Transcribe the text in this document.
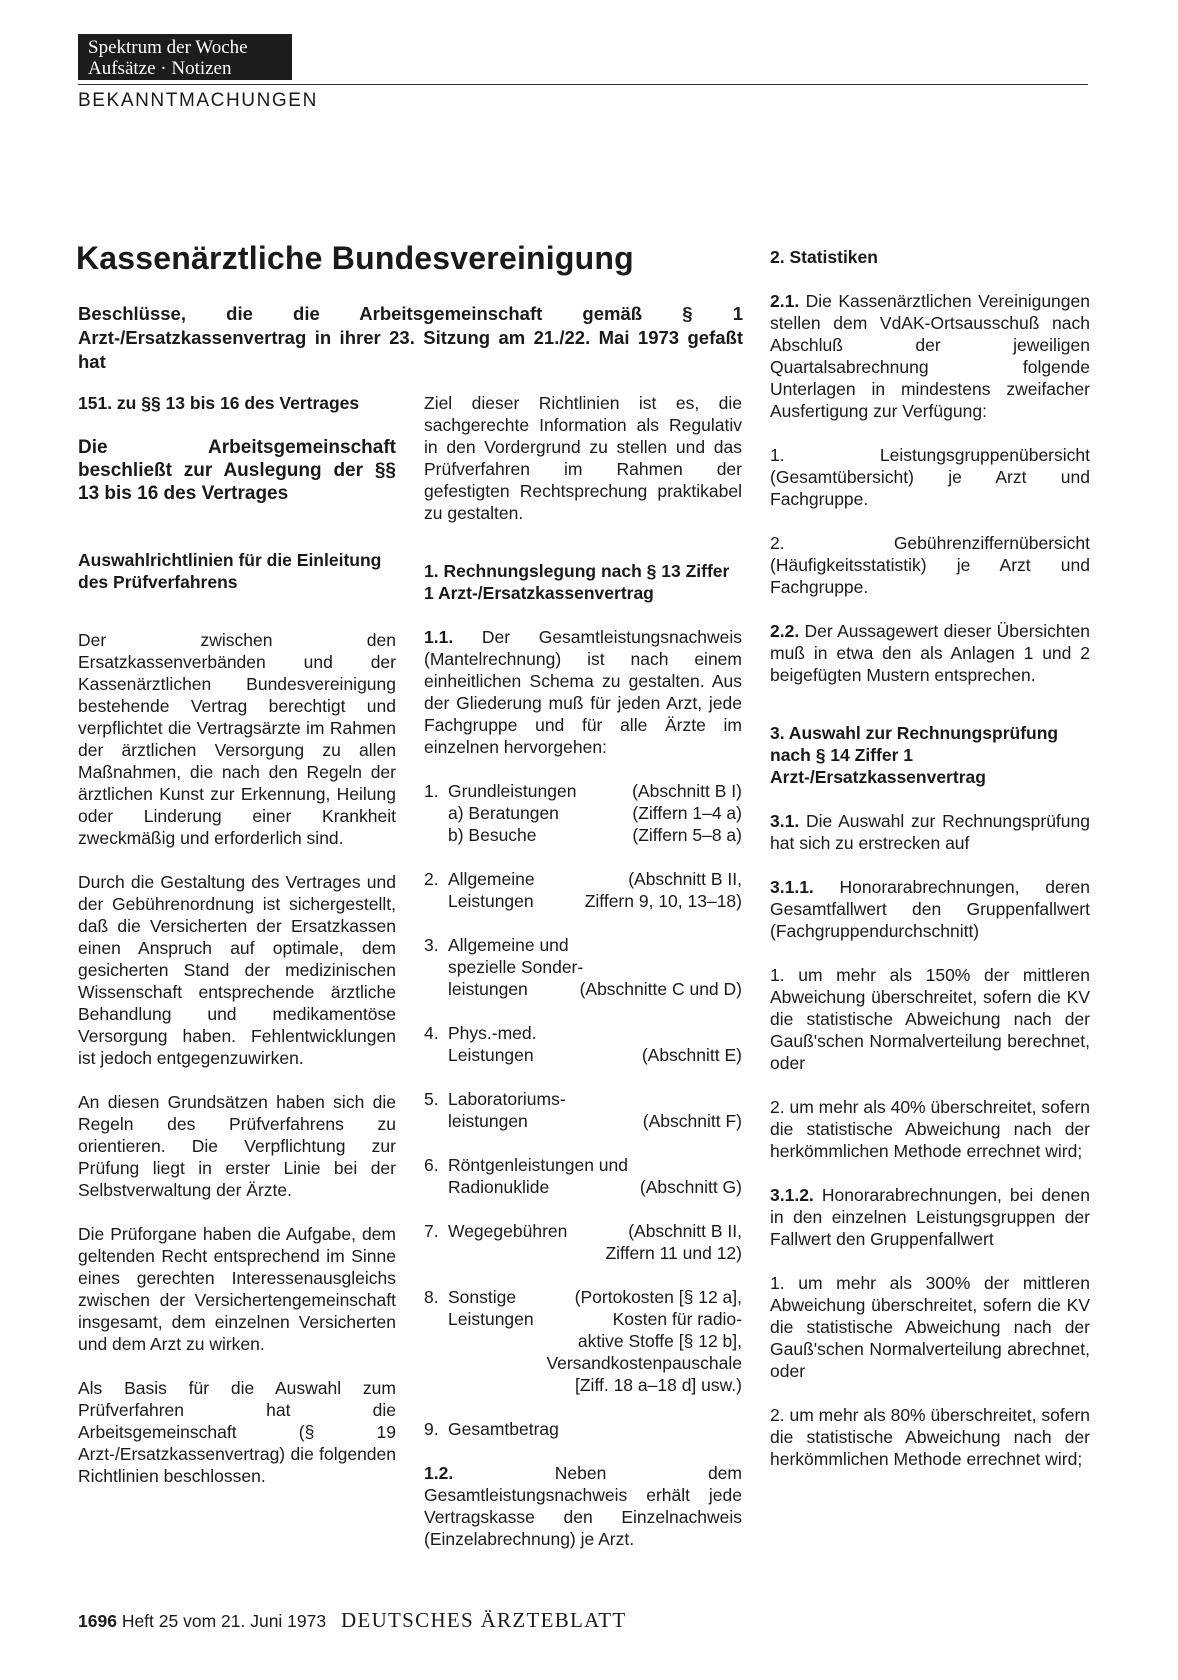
Spektrum der Woche
Aufsätze · Notizen
BEKANNTMACHUNGEN
Kassenärztliche Bundesvereinigung
Beschlüsse, die die Arbeitsgemeinschaft gemäß § 1 Arzt-/Ersatzkassenvertrag in ihrer 23. Sitzung am 21./22. Mai 1973 gefaßt hat

151. zu §§ 13 bis 16 des Vertrages

Die Arbeitsgemeinschaft beschließt zur Auslegung der §§ 13 bis 16 des Vertrages

Auswahlrichtlinien für die Einleitung des Prüfverfahrens

Der zwischen den Ersatzkassenverbänden und der Kassenärztlichen Bundesvereinigung bestehende Vertrag berechtigt und verpflichtet die Vertragsärzte im Rahmen der ärztlichen Versorgung zu allen Maßnahmen, die nach den Regeln der ärztlichen Kunst zur Erkennung, Heilung oder Linderung einer Krankheit zweckmäßig und erforderlich sind.

Durch die Gestaltung des Vertrages und der Gebührenordnung ist sichergestellt, daß die Versicherten der Ersatzkassen einen Anspruch auf optimale, dem gesicherten Stand der medizinischen Wissenschaft entsprechende ärztliche Behandlung und medikamentöse Versorgung haben. Fehlentwicklungen ist jedoch entgegenzuwirken.

An diesen Grundsätzen haben sich die Regeln des Prüfverfahrens zu orientieren. Die Verpflichtung zur Prüfung liegt in erster Linie bei der Selbstverwaltung der Ärzte.

Die Prüforgane haben die Aufgabe, dem geltenden Recht entsprechend im Sinne eines gerechten Interessenausgleichs zwischen der Versichertengemeinschaft insgesamt, dem einzelnen Versicherten und dem Arzt zu wirken.

Als Basis für die Auswahl zum Prüfverfahren hat die Arbeitsgemeinschaft (§ 19 Arzt-/Ersatzkassenvertrag) die folgenden Richtlinien beschlossen.

Ziel dieser Richtlinien ist es, die sachgerechte Information als Regulativ in den Vordergrund zu stellen und das Prüfverfahren im Rahmen der gefestigten Rechtsprechung praktikabel zu gestalten.

1. Rechnungslegung nach § 13 Ziffer 1 Arzt-/Ersatzkassenvertrag

1.1. Der Gesamtleistungsnachweis (Mantelrechnung) ist nach einem einheitlichen Schema zu gestalten. Aus der Gliederung muß für jeden Arzt, jede Fachgruppe und für alle Ärzte im einzelnen hervorgehen:

1. Grundleistungen	(Abschnitt B I)
a) Beratungen	(Ziffern 1–4 a)
b) Besuche	(Ziffern 5–8 a)
2. Allgemeine	(Abschnitt B II,
Leistungen	Ziffern 9, 10, 13–18)
3. Allgemeine und
spezielle Sonder-
leistungen	(Abschnitte C und D)
4. Phys.-med.
Leistungen	(Abschnitt E)
5. Laboratoriums-
leistungen	(Abschnitt F)
6. Röntgenleistungen und
Radionuklide	(Abschnitt G)
7. Wegegebühren	(Abschnitt B II,
Ziffern 11 und 12)
8. Sonstige	(Portokosten [§ 12 a],
Leistungen	Kosten für radio-
aktive Stoffe [§ 12 b],
Versandkostenpauschale
[Ziff. 18 a–18 d] usw.)
9. Gesamtbetrag

1.2.	Neben dem Gesamtleistungsnachweis erhält jede Vertragskasse den Einzelnachweis (Einzelabrechnung) je Arzt.

2. Statistiken

2.1. Die Kassenärztlichen Vereinigungen stellen dem VdAK-Ortsausschuß nach Abschluß der jeweiligen Quartalsabrechnung folgende Unterlagen in mindestens zweifacher Ausfertigung zur Verfügung:

1. Leistungsgruppenübersicht (Gesamtübersicht) je Arzt und Fachgruppe.

2. Gebührenziffernübersicht (Häufigkeitsstatistik) je Arzt und Fachgruppe.

2.2. Der Aussagewert dieser Übersichten muß in etwa den als Anlagen 1 und 2 beigefügten Mustern entsprechen.

3. Auswahl zur Rechnungsprüfung nach § 14 Ziffer 1 Arzt-/Ersatzkassenvertrag

3.1. Die Auswahl zur Rechnungsprüfung hat sich zu erstrecken auf

3.1.1. Honorarabrechnungen, deren Gesamtfallwert den Gruppenfallwert (Fachgruppendurchschnitt)

1. um mehr als 150% der mittleren Abweichung überschreitet, sofern die KV die statistische Abweichung nach der Gauß'schen Normalverteilung berechnet, oder

2. um mehr als 40% überschreitet, sofern die statistische Abweichung nach der herkömmlichen Methode errechnet wird;

3.1.2. Honorarabrechnungen, bei denen in den einzelnen Leistungsgruppen der Fallwert den Gruppenfallwert

1. um mehr als 300% der mittleren Abweichung überschreitet, sofern die KV die statistische Abweichung nach der Gauß'schen Normalverteilung abrechnet, oder

2. um mehr als 80% überschreitet, sofern die statistische Abweichung nach der herkömmlichen Methode errechnet wird;

1696 Heft 25 vom 21. Juni 1973 DEUTSCHES ÄRZTEBLATT
